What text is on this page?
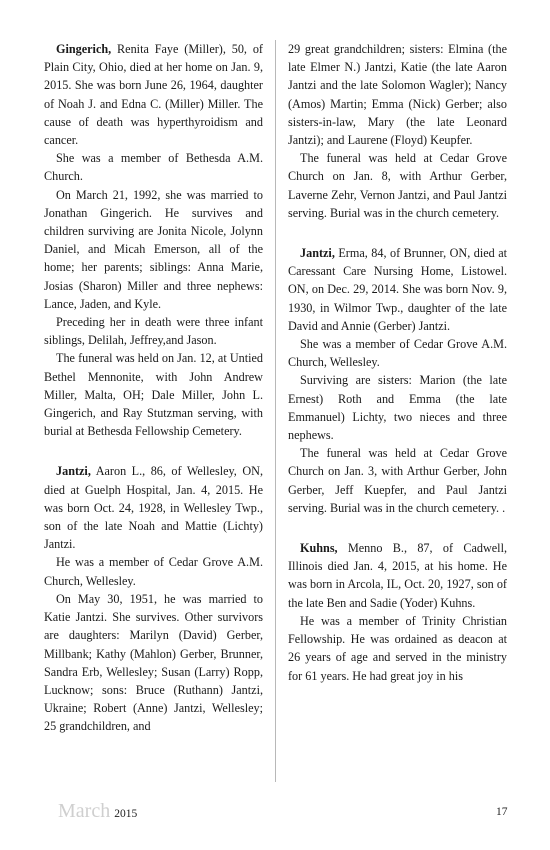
Gingerich, Renita Faye (Miller), 50, of Plain City, Ohio, died at her home on Jan. 9, 2015. She was born June 26, 1964, daughter of Noah J. and Edna C. (Miller) Miller. The cause of death was hyperthyroidism and cancer.

She was a member of Bethesda A.M. Church.

On March 21, 1992, she was married to Jonathan Gingerich. He survives and children surviving are Jonita Nicole, Jolynn Daniel, and Micah Emerson, all of the home; her parents; siblings: Anna Marie, Josias (Sharon) Miller and three nephews: Lance, Jaden, and Kyle.

Preceding her in death were three infant siblings, Delilah, Jeffrey,and Jason.

The funeral was held on Jan. 12, at Untied Bethel Mennonite, with John Andrew Miller, Malta, OH; Dale Miller, John L. Gingerich, and Ray Stutzman serving, with burial at Bethesda Fellowship Cemetery.

Jantzi, Aaron L., 86, of Wellesley, ON, died at Guelph Hospital, Jan. 4, 2015. He was born Oct. 24, 1928, in Wellesley Twp., son of the late Noah and Mattie (Lichty) Jantzi.

He was a member of Cedar Grove A.M. Church, Wellesley.

On May 30, 1951, he was married to Katie Jantzi. She survives. Other survivors are daughters: Marilyn (David) Gerber, Millbank; Kathy (Mahlon) Gerber, Brunner, Sandra Erb, Wellesley; Susan (Larry) Ropp, Lucknow; sons: Bruce (Ruthann) Jantzi, Ukraine; Robert (Anne) Jantzi, Wellesley; 25 grandchildren, and

29 great grandchildren; sisters: Elmina (the late Elmer N.) Jantzi, Katie (the late Aaron Jantzi and the late Solomon Wagler); Nancy (Amos) Martin; Emma (Nick) Gerber; also sisters-in-law, Mary (the late Leonard Jantzi); and Laurene (Floyd) Keupfer.

The funeral was held at Cedar Grove Church on Jan. 8, with Arthur Gerber, Laverne Zehr, Vernon Jantzi, and Paul Jantzi serving. Burial was in the church cemetery.

Jantzi, Erma, 84, of Brunner, ON, died at Caressant Care Nursing Home, Listowel. ON, on Dec. 29, 2014. She was born Nov. 9, 1930, in Wilmor Twp., daughter of the late David and Annie (Gerber) Jantzi.

She was a member of Cedar Grove A.M. Church, Wellesley.

Surviving are sisters: Marion (the late Ernest) Roth and Emma (the late Emmanuel) Lichty, two nieces and three nephews.

The funeral was held at Cedar Grove Church on Jan. 3, with Arthur Gerber, John Gerber, Jeff Kuepfer, and Paul Jantzi serving. Burial was in the church cemetery. .

Kuhns, Menno B., 87, of Cadwell, Illinois died Jan. 4, 2015, at his home. He was born in Arcola, IL, Oct. 20, 1927, son of the late Ben and Sadie (Yoder) Kuhns.

He was a member of Trinity Christian Fellowship. He was ordained as deacon at 26 years of age and served in the ministry for 61 years. He had great joy in his

March 2015	17
